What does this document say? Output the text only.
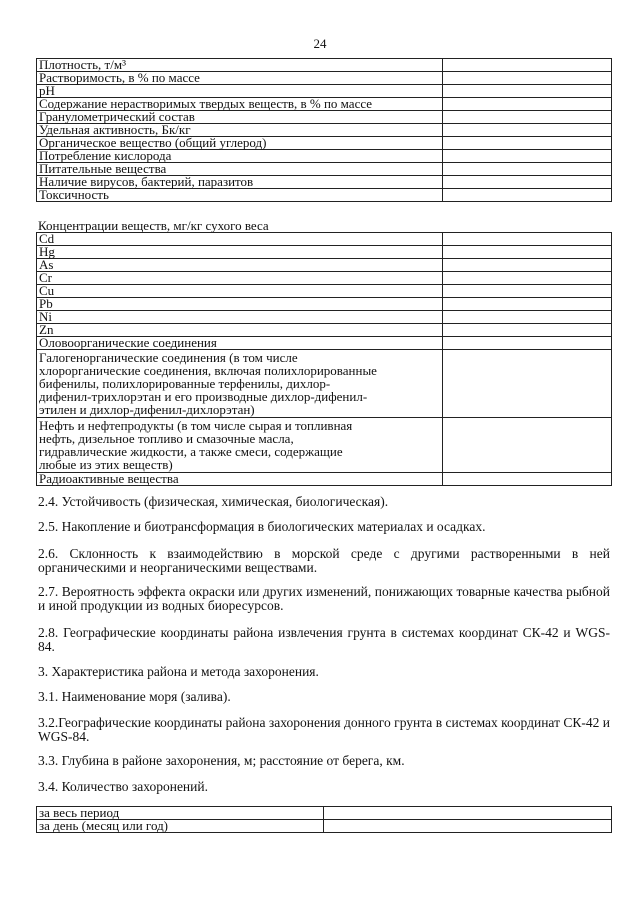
24
Плотность, т/м³	
Растворимость, в % по массе	
pH	
Содержание нерастворимых твердых веществ, в % по массе	
Гранулометрический состав	
Удельная активность, Бк/кг	
Органическое вещество (общий углерод)	
Потребление кислорода	
Питательные вещества	
Наличие вирусов, бактерий, паразитов	
Токсичность	
Концентрации веществ, мг/кг сухого веса
Cd	
Hg	
As	
Cr	
Cu	
Pb	
Ni	
Zn	
Оловоорганические соединения	

Галогенорганические соединения (в том числе
хлорорганические соединения, включая полихлорированные
бифенилы, полихлорированные терфенилы, дихлор-
дифенил-трихлорэтан и его производные дихлор-дифенил-
этилен и дихлор-дифенил-дихлорэтан)	

Нефть и нефтепродукты (в том числе сырая и топливная
нефть, дизельное топливо и смазочные масла,
гидравлические жидкости, а также смеси, содержащие
любые из этих веществ)	

Радиоактивные вещества	
2.4. Устойчивость (физическая, химическая, биологическая).
2.5. Накопление и биотрансформация в биологических материалах и осадках.
2.6. Склонность к взаимодействию в морской среде с другими растворенными в ней органическими и неорганическими веществами.
2.7. Вероятность эффекта окраски или других изменений, понижающих товарные качества рыбной и иной продукции из водных биоресурсов.
2.8. Географические координаты района извлечения грунта в системах координат СК-42 и WGS-84.
3. Характеристика района и метода захоронения.
3.1. Наименование моря (залива).
3.2.Географические координаты района захоронения донного грунта в системах координат СК-42 и WGS-84.
3.3. Глубина в районе захоронения, м; расстояние от берега, км.
3.4. Количество захоронений.
за весь период	
за день (месяц или год)	
